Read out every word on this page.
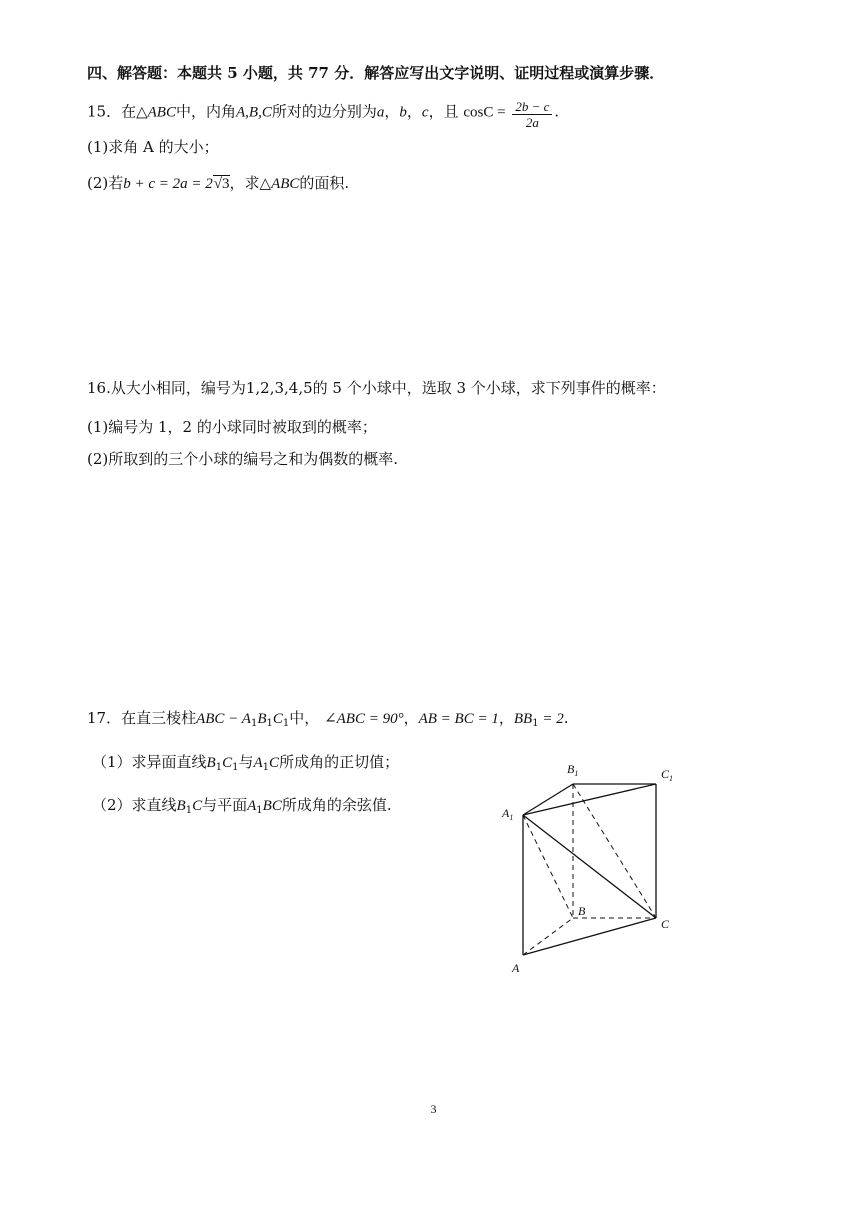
四、解答题：本题共 5 小题，共 77 分．解答应写出文字说明、证明过程或演算步骤．
15．在△ABC中，内角A,B,C所对的边分别为a，b，c，且 $\cos C = \frac{2b - c}{2a}$ .
(1)求角 A 的大小；
(2)若b + c = 2a = 2√3，求△ABC的面积.
16.从大小相同，编号为1,2,3,4,5的 5 个小球中，选取 3 个小球，求下列事件的概率：
(1)编号为 1，2 的小球同时被取到的概率；
(2)所取到的三个小球的编号之和为偶数的概率.
17．在直三棱柱ABC − $A_1B_1C_1$中， ∠ABC = 90°，AB = BC = 1，$BB_1 = 2$.
（1）求异面直线$B_1C_1$与$A_1C$所成角的正切值；
（2）求直线$B_1C$与平面$A_1BC$所成角的余弦值.
$B_1$	$C_1$
$A_1$
B
C
A
3
